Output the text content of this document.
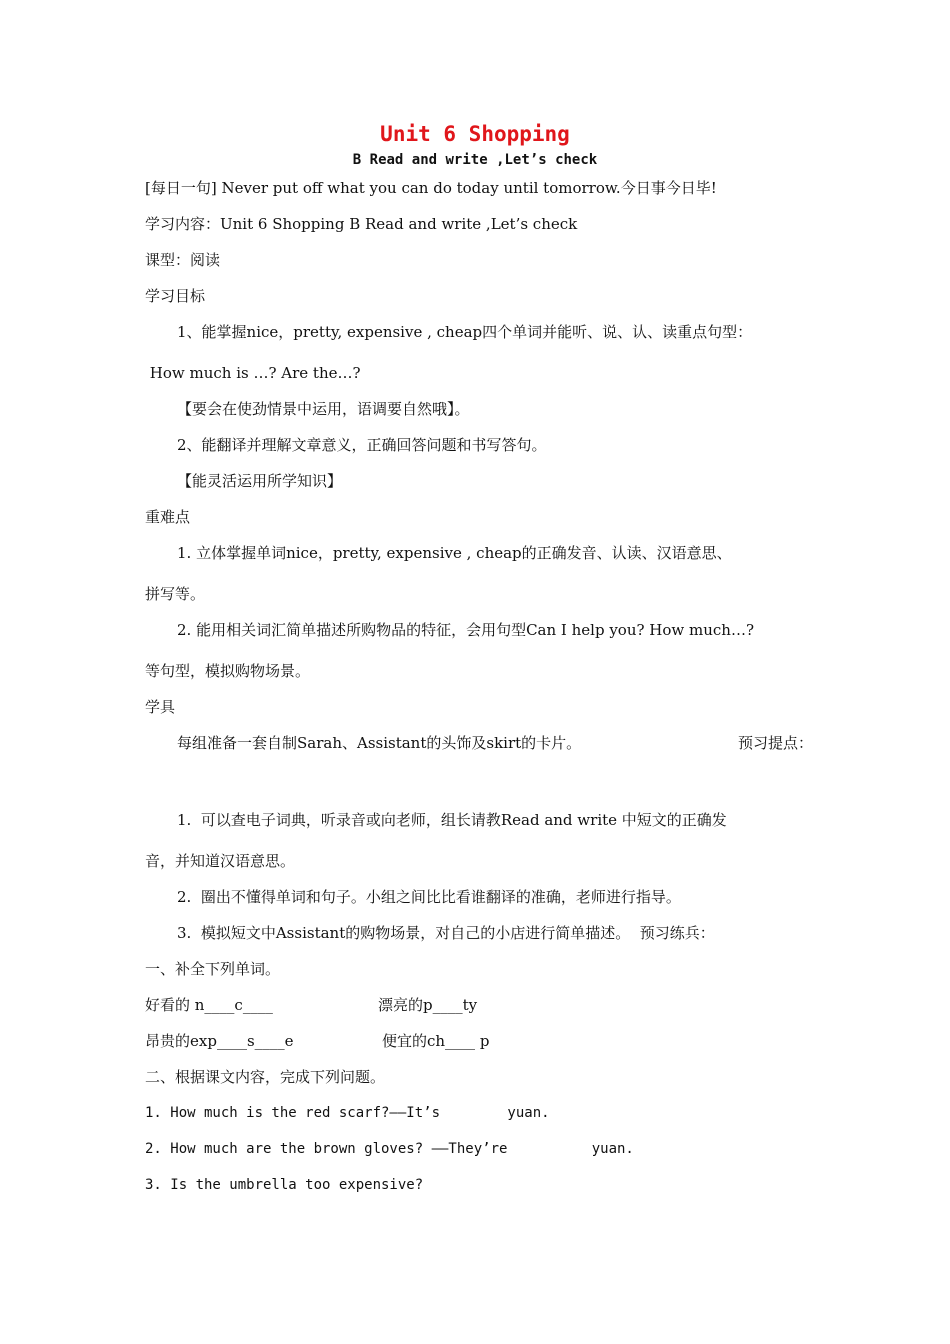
Unit 6 Shopping
B Read and write ,Let’s check
[每日一句] Never put off what you can do today until tomorrow.今日事今日毕!
学习内容：Unit 6 Shopping B Read and write ,Let’s check
课型：阅读
学习目标
1、能掌握nice，pretty, expensive , cheap四个单词并能听、说、认、读重点句型：
How much is …? Are the…?
【要会在使劲情景中运用，语调要自然哦】。
2、能翻译并理解文章意义，正确回答问题和书写答句。
【能灵活运用所学知识】
重难点
1. 立体掌握单词nice，pretty, expensive , cheap的正确发音、认读、汉语意思、
拼写等。
2. 能用相关词汇简单描述所购物品的特征，会用句型Can I help you? How much…?
等句型，模拟购物场景。
学具
每组准备一套自制Sarah、Assistant的头饰及skirt的卡片。	预习提点：
1.  可以查电子词典，听录音或向老师，组长请教Read and write 中短文的正确发
音，并知道汉语意思。
2.  圈出不懂得单词和句子。小组之间比比看谁翻译的准确，老师进行指导。
3.  模拟短文中Assistant的购物场景，对自己的小店进行简单描述。  预习练兵：
一、补全下列单词。
好看的 n____c____	漂亮的p____ty
昂贵的exp____s____e	便宜的ch____ p
二、根据课文内容，完成下列问题。
1. How much is the red scarf?——It’s        yuan.
2. How much are the brown gloves? ——They’re          yuan.
3. Is the umbrella too expensive?
